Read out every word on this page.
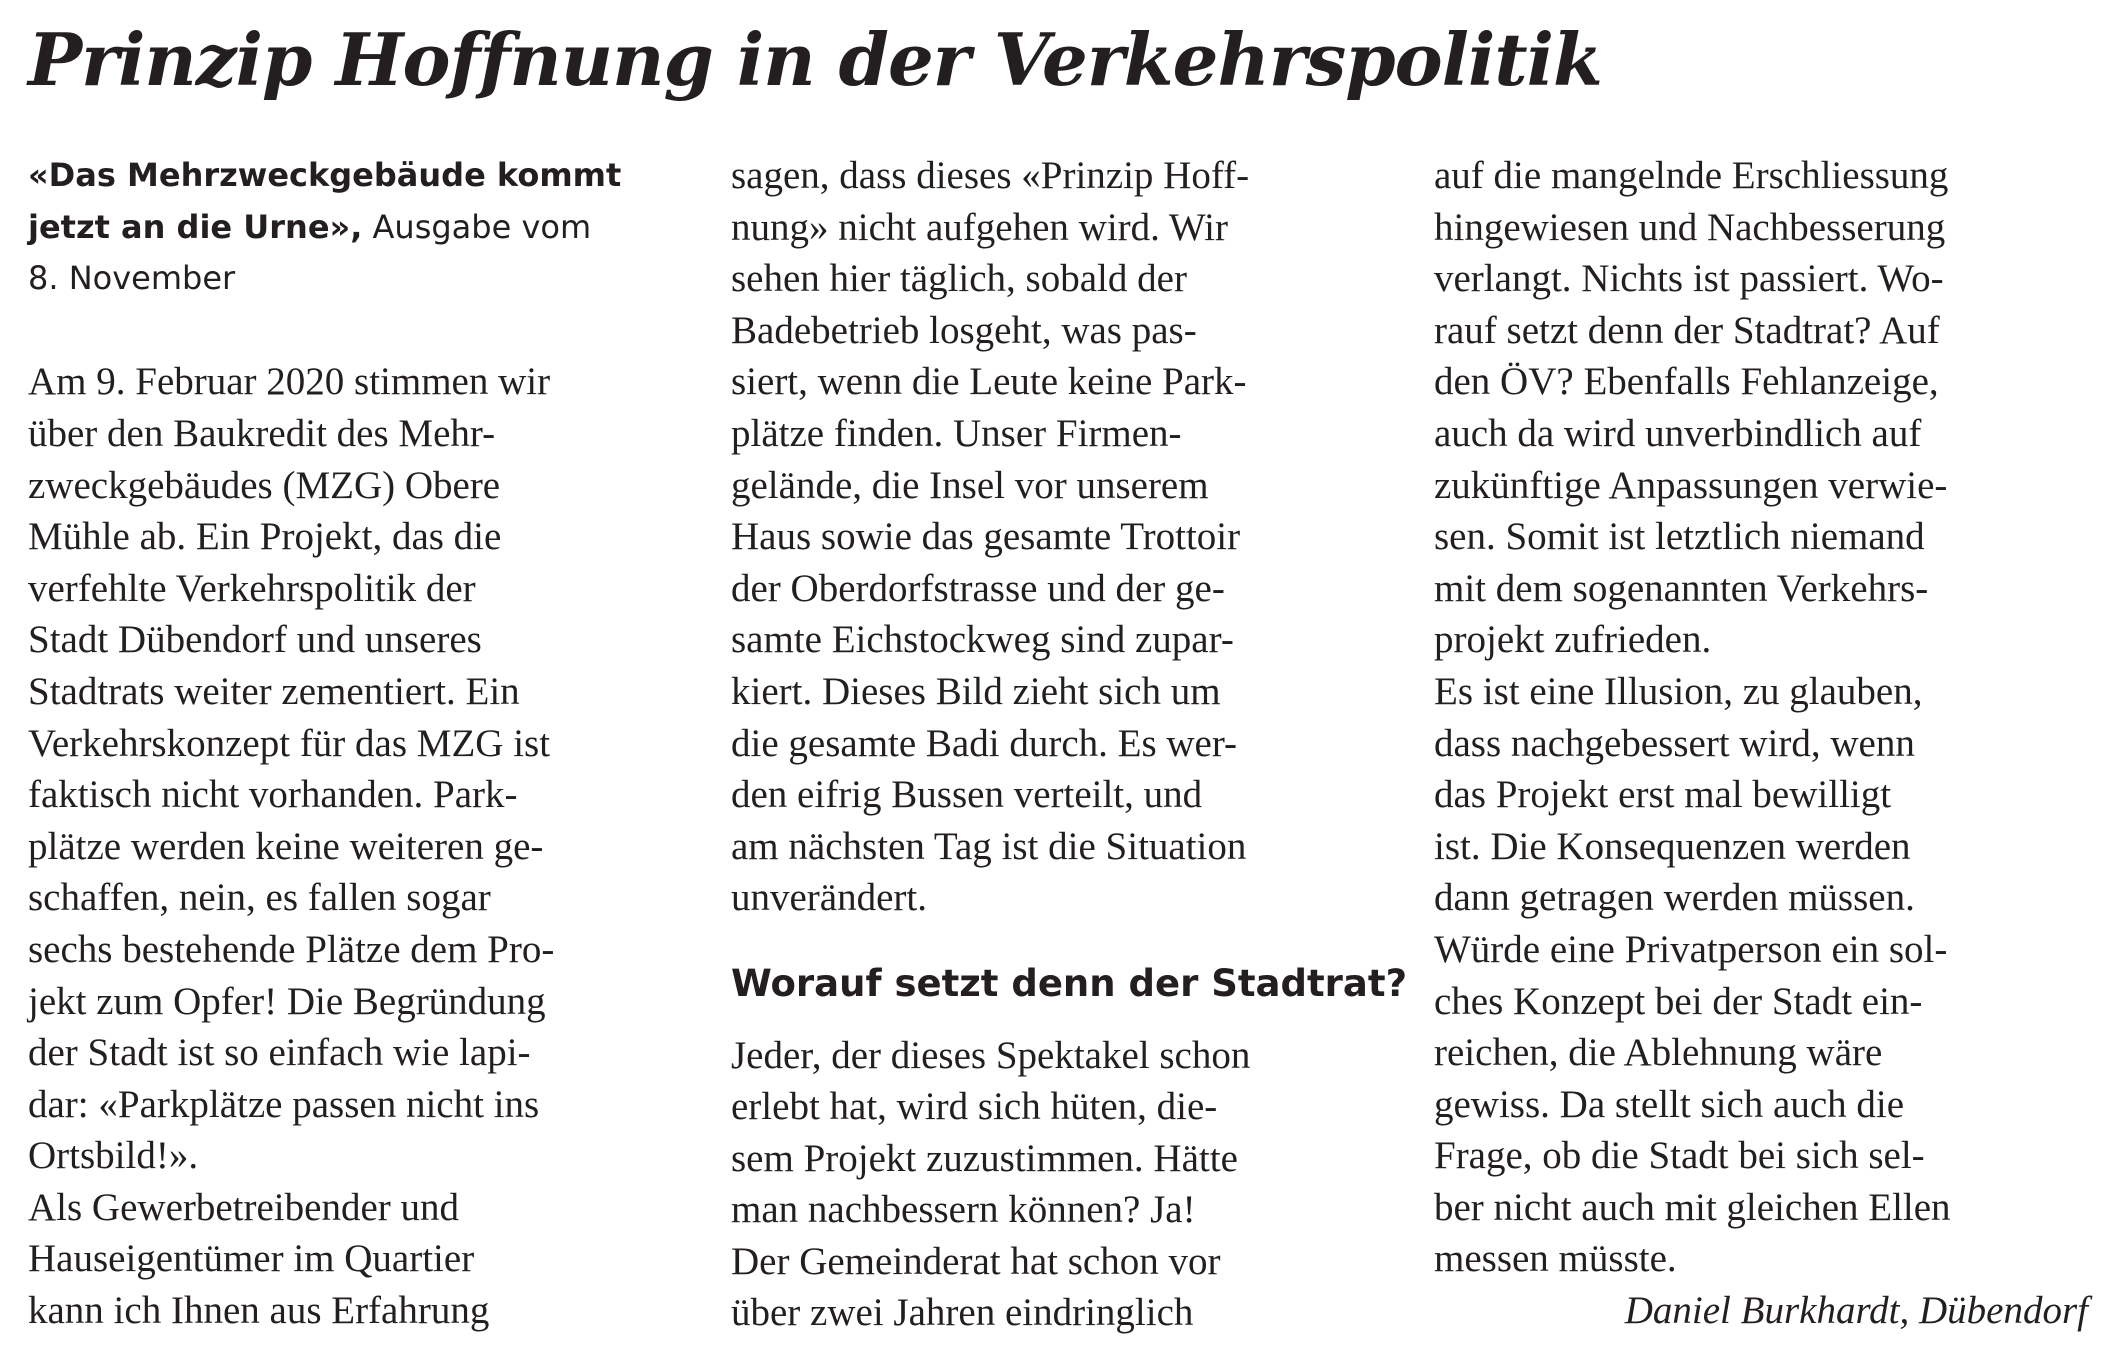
Prinzip Hoffnung in der Verkehrspolitik
«Das Mehrzweckgebäude kommt
jetzt an die Urne», Ausgabe vom
8. November
Am 9. Februar 2020 stimmen wir
über den Baukredit des Mehr-
zweckgebäudes (MZG) Obere
Mühle ab. Ein Projekt, das die
verfehlte Verkehrspolitik der
Stadt Dübendorf und unseres
Stadtrats weiter zementiert. Ein
Verkehrskonzept für das MZG ist
faktisch nicht vorhanden. Park-
plätze werden keine weiteren ge-
schaffen, nein, es fallen sogar
sechs bestehende Plätze dem Pro-
jekt zum Opfer! Die Begründung
der Stadt ist so einfach wie lapi-
dar: «Parkplätze passen nicht ins
Ortsbild!».
Als Gewerbetreibender und
Hauseigentümer im Quartier
kann ich Ihnen aus Erfahrung
sagen, dass dieses «Prinzip Hoff-
nung» nicht aufgehen wird. Wir
sehen hier täglich, sobald der
Badebetrieb losgeht, was pas-
siert, wenn die Leute keine Park-
plätze finden. Unser Firmen-
gelände, die Insel vor unserem
Haus sowie das gesamte Trottoir
der Oberdorfstrasse und der ge-
samte Eichstockweg sind zupar-
kiert. Dieses Bild zieht sich um
die gesamte Badi durch. Es wer-
den eifrig Bussen verteilt, und
am nächsten Tag ist die Situation
unverändert.
Worauf setzt denn der Stadtrat?
Jeder, der dieses Spektakel schon
erlebt hat, wird sich hüten, die-
sem Projekt zuzustimmen. Hätte
man nachbessern können? Ja!
Der Gemeinderat hat schon vor
über zwei Jahren eindringlich
auf die mangelnde Erschliessung
hingewiesen und Nachbesserung
verlangt. Nichts ist passiert. Wo-
rauf setzt denn der Stadtrat? Auf
den ÖV? Ebenfalls Fehlanzeige,
auch da wird unverbindlich auf
zukünftige Anpassungen verwie-
sen. Somit ist letztlich niemand
mit dem sogenannten Verkehrs-
projekt zufrieden.
Es ist eine Illusion, zu glauben,
dass nachgebessert wird, wenn
das Projekt erst mal bewilligt
ist. Die Konsequenzen werden
dann getragen werden müssen.
Würde eine Privatperson ein sol-
ches Konzept bei der Stadt ein-
reichen, die Ablehnung wäre
gewiss. Da stellt sich auch die
Frage, ob die Stadt bei sich sel-
ber nicht auch mit gleichen Ellen
messen müsste.
Daniel Burkhardt, Dübendorf
